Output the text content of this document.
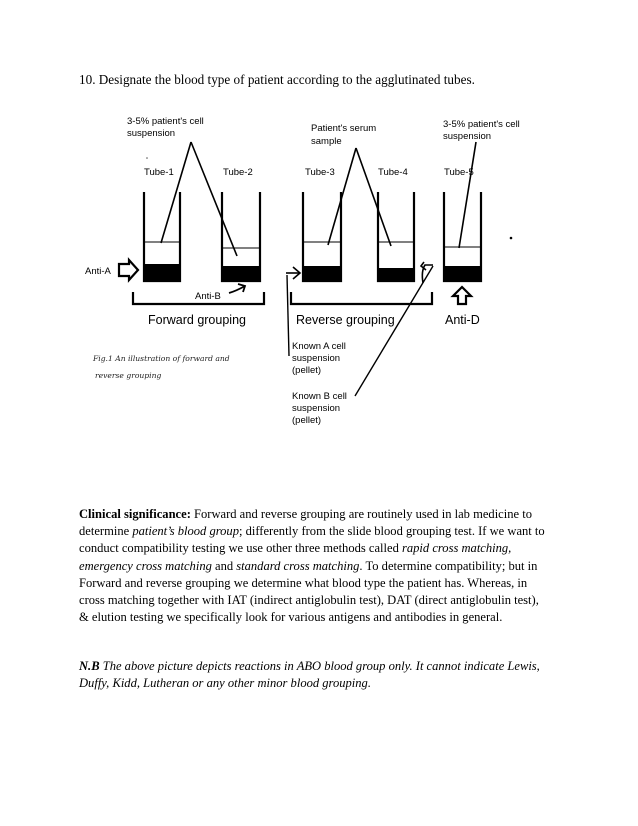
10. Designate the blood type of patient according to the agglutinated tubes.
3-5% patient's cell
suspension	Patient's serum
sample
3-5% patient's cell
suspension
Tube-1	Tube-2	Tube-3	Tube-4	Tube-5
Anti-A
Anti-B
Forward grouping	Reverse grouping	Anti-D
Known A cell
suspension
(pellet)
Known B cell
suspension
(pellet)
Fig.1 An illustration of forward and
reverse grouping
Clinical significance: Forward and reverse grouping are routinely used in lab medicine to determine patient’s blood group; differently from the slide blood grouping test. If we want to conduct compatibility testing we use other three methods called rapid cross matching, emergency cross matching and standard cross matching. To determine compatibility; but in Forward and reverse grouping we determine what blood type the patient has. Whereas, in cross matching together with IAT (indirect antiglobulin test), DAT (direct antiglobulin test), & elution testing we specifically look for various antigens and antibodies in general.
N.B The above picture depicts reactions in ABO blood group only. It cannot indicate Lewis, Duffy, Kidd, Lutheran or any other minor blood grouping.
